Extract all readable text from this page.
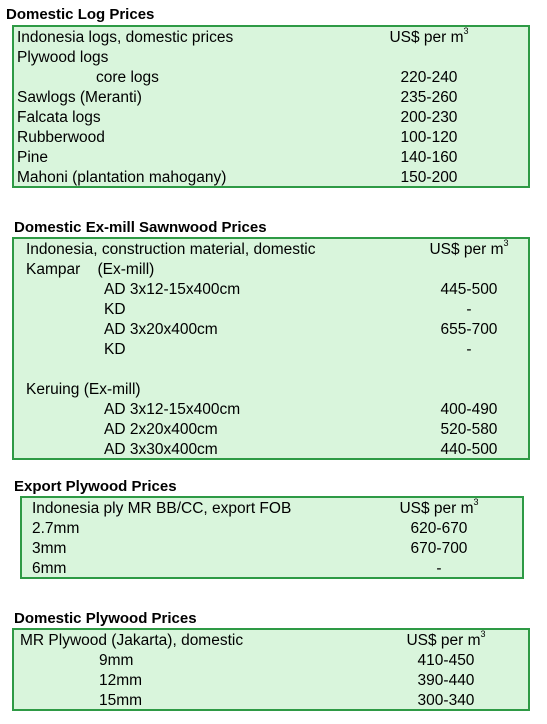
Domestic Log Prices
Indonesia logs, domestic prices	US$ per $m^3$
Plywood logs
core logs	220-240
Sawlogs (Meranti)	235-260
Falcata logs	200-230
Rubberwood	100-120
Pine	140-160
Mahoni (plantation mahogany)	150-200
Domestic Ex-mill Sawnwood Prices
Indonesia, construction material, domestic	US$ per $m^3$
Kampar    (Ex-mill)
AD 3x12-15x400cm	445-500
KD	-
AD 3x20x400cm	655-700
KD	-
Keruing (Ex-mill)
AD 3x12-15x400cm	400-490
AD 2x20x400cm	520-580
AD 3x30x400cm	440-500
Export Plywood Prices
Indonesia ply MR BB/CC, export FOB	US$ per $m^3$
2.7mm	620-670
3mm	670-700
6mm	-
Domestic Plywood Prices
MR Plywood (Jakarta), domestic	US$ per $m^3$
9mm	410-450
12mm	390-440
15mm	300-340
